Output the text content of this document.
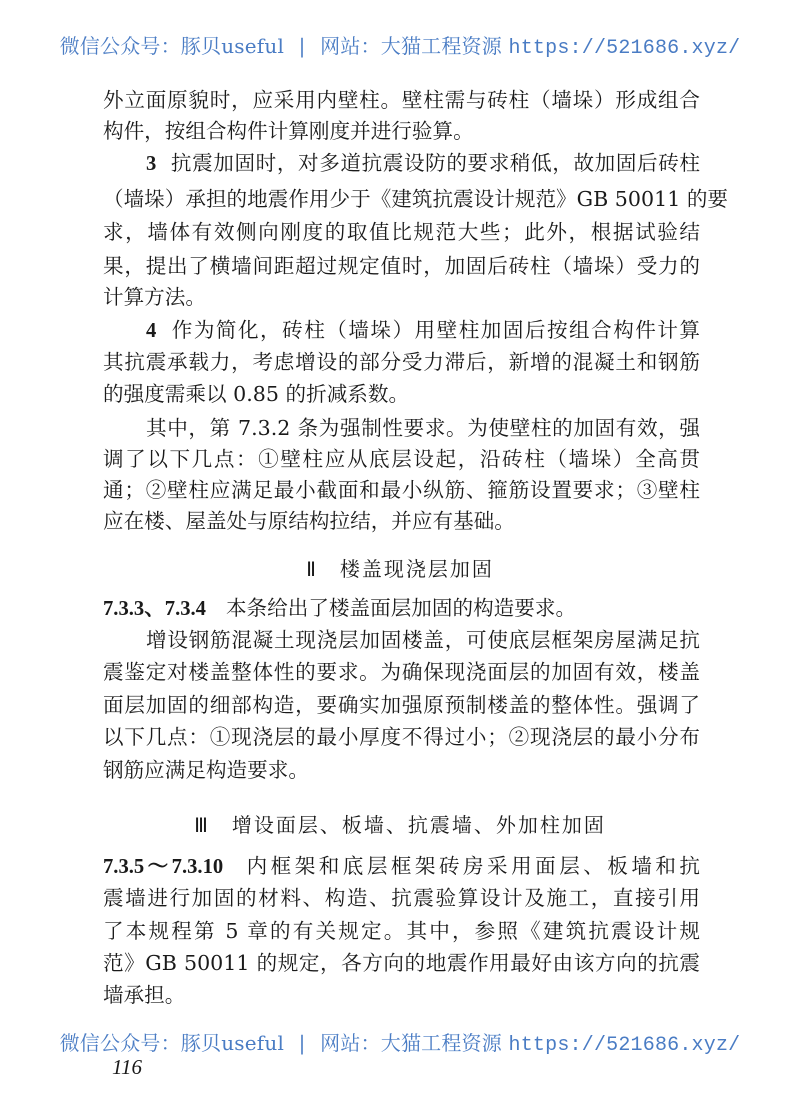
微信公众号：豚贝useful | 网站：大猫工程资源 https://521686.xyz/
外立面原貌时，应采用内壁柱。壁柱需与砖柱（墙垛）形成组合
构件，按组合构件计算刚度并进行验算。
3 抗震加固时，对多道抗震设防的要求稍低，故加固后砖柱
（墙垛）承担的地震作用少于《建筑抗震设计规范》GB 50011 的要
求，墙体有效侧向刚度的取值比规范大些；此外，根据试验结
果，提出了横墙间距超过规定值时，加固后砖柱（墙垛）受力的
计算方法。
4 作为简化，砖柱（墙垛）用壁柱加固后按组合构件计算
其抗震承载力，考虑增设的部分受力滞后，新增的混凝土和钢筋
的强度需乘以 0.85 的折减系数。
其中，第 7.3.2 条为强制性要求。为使壁柱的加固有效，强
调了以下几点：①壁柱应从底层设起，沿砖柱（墙垛）全高贯
通；②壁柱应满足最小截面和最小纵筋、箍筋设置要求；③壁柱
应在楼、屋盖处与原结构拉结，并应有基础。
Ⅱ 楼盖现浇层加固
7.3.3、7.3.4 本条给出了楼盖面层加固的构造要求。
增设钢筋混凝土现浇层加固楼盖，可使底层框架房屋满足抗
震鉴定对楼盖整体性的要求。为确保现浇面层的加固有效，楼盖
面层加固的细部构造，要确实加强原预制楼盖的整体性。强调了
以下几点：①现浇层的最小厚度不得过小；②现浇层的最小分布
钢筋应满足构造要求。
Ⅲ 增设面层、板墙、抗震墙、外加柱加固
7.3.5～7.3.10 内框架和底层框架砖房采用面层、板墙和抗
震墙进行加固的材料、构造、抗震验算设计及施工，直接引用
了本规程第 5 章的有关规定。其中，参照《建筑抗震设计规
范》GB 50011 的规定，各方向的地震作用最好由该方向的抗震
墙承担。
微信公众号：豚贝useful | 网站：大猫工程资源 https://521686.xyz/
116
